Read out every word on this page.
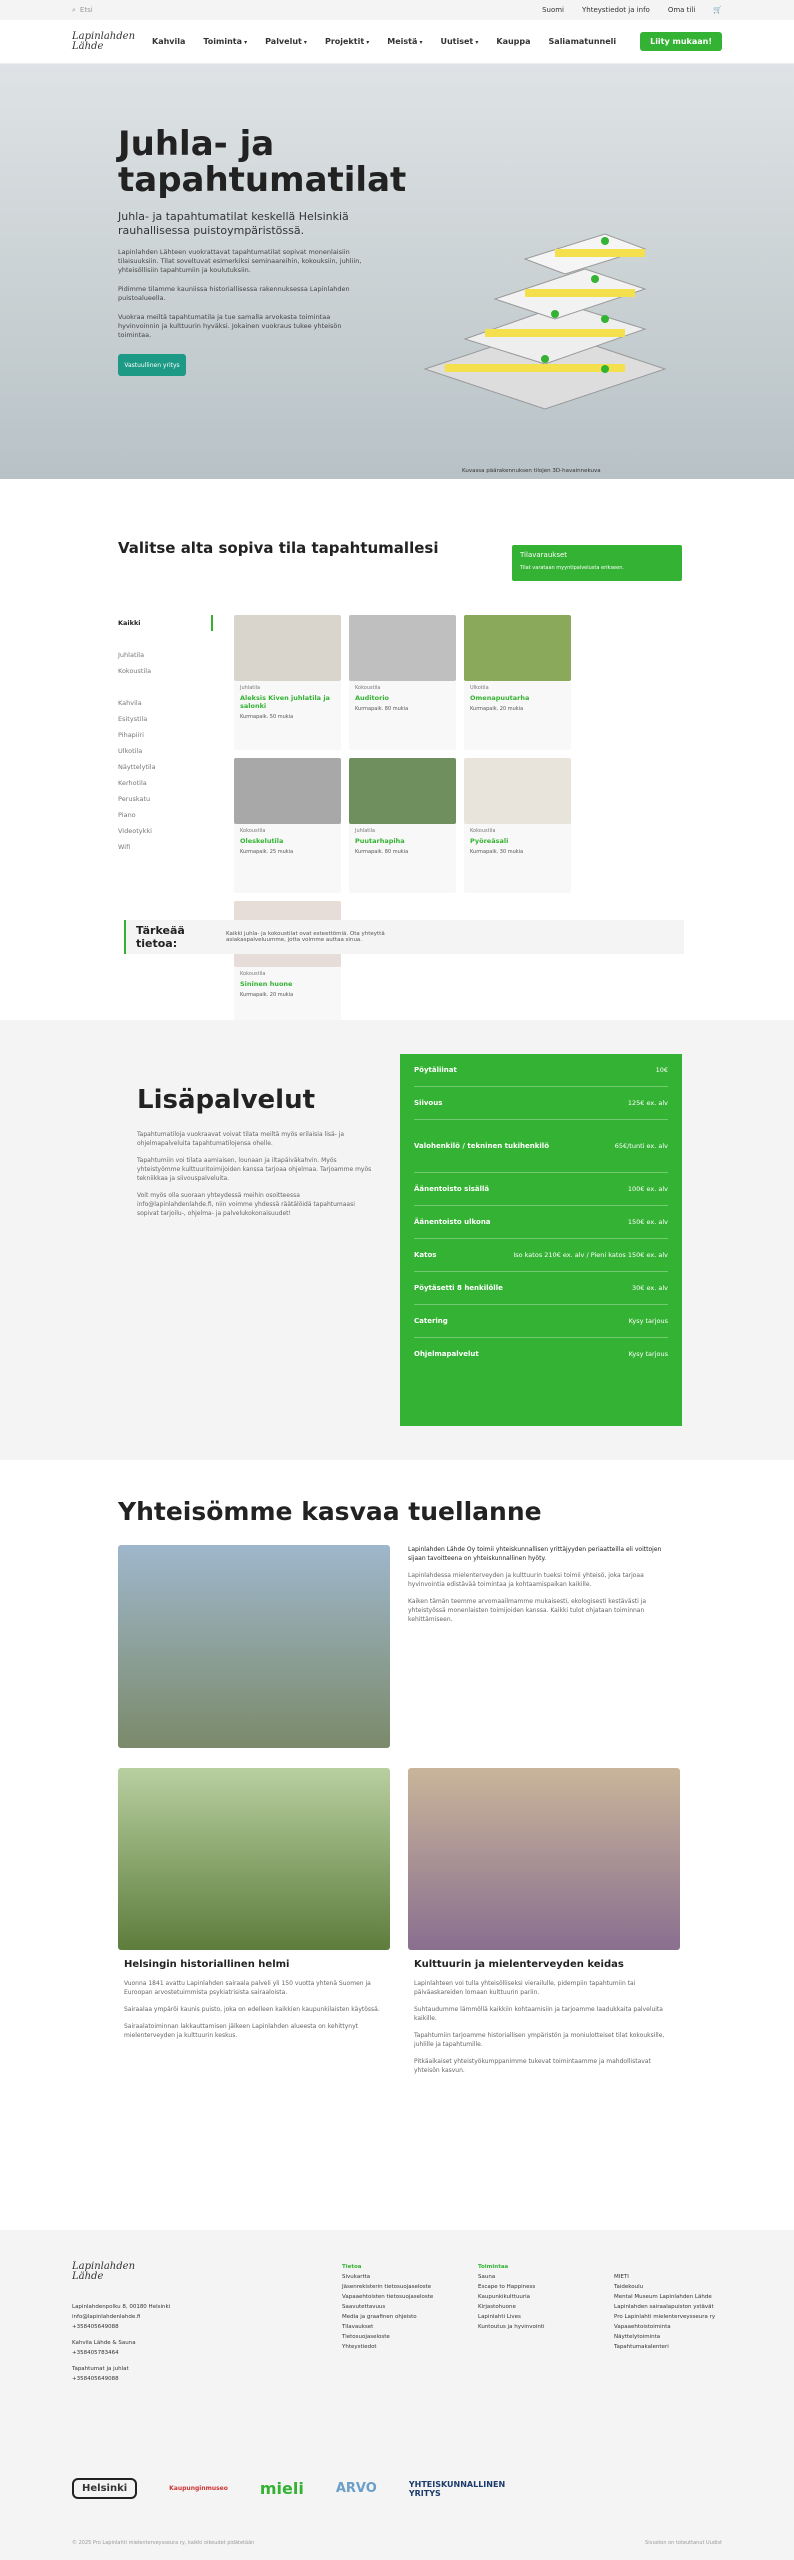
⌕ Etsi	Suomi	Yhteystiedot ja info	Oma tili	🛒
Lapinlahden Lähde	Kahvila Toiminta ▾	Palvelut ▾	Projektit ▾	Meistä ▾	Uutiset ▾	Kauppa Saliamatunneli	Liity mukaan!
Juhla- ja tapahtumatilat
Juhla- ja tapahtumatilat keskellä Helsinkiä rauhallisessa puistoympäristössä.

Lapinlahden Lähteen vuokrattavat tapahtumatilat sopivat monenlaisiin tilaisuuksiin. Tilat soveltuvat esimerkiksi seminaareihin, kokouksiin, juhliin, yhteisöllisiin tapahtumiin ja koulutuksiin.

Pidimme tilamme kauniissa historiallisessa rakennuksessa Lapinlahden puistoalueella.

Vuokraa meiltä tapahtumatila ja tue samalla arvokasta toimintaa hyvinvoinnin ja kulttuurin hyväksi. Jokainen vuokraus tukee yhteisön toimintaa.

Vastuullinen yritys
Kuvassa päärakennuksen tilojen 3D-havainnekuva
Valitse alta sopiva tila tapahtumallesi	Tilavaraukset
Tilat varataan myyntipalvelusta erikseen.
Kaikki
Juhlatila
Kokoustila
Kahvila
Esitystila
Pihapiiri
Ulkotila
Näyttelytila
Kerhotila
Peruskatu
Piano
Videotykki
Wifi
Juhlatila
Aleksis Kiven juhlatila ja salonki
Kurmapaik. 50 mukia
Kokoustila
Auditorio
Kurmapaik. 80 mukia
Ulkotila
Omenapuutarha
Kurmapaik. 20 mukia
Kokoustila
Oleskelutila
Kurmapaik. 25 mukia
Juhlatila
Puutarhapiha
Kurmapaik. 80 mukia
Kokoustila
Pyöreäsali
Kurmapaik. 30 mukia
Kokoustila
Sininen huone
Kurmapaik. 20 mukia
Tärkeää tietoa:
Kaikki juhla- ja kokoustilat ovat esteettömiä. Ota yhteyttä asiakaspalveluumme, jotta voimme auttaa sinua.
Lisäpalvelut

Tapahtumatiloja vuokraavat voivat tilata meiltä myös erilaisia lisä- ja ohjelmapalveluita tapahtumatilojensa ohelle.

Tapahtumiin voi tilata aamiaisen, lounaan ja iltapäiväkahvin. Myös yhteistyömme kulttuuritoimijoiden kanssa tarjoaa ohjelmaa. Tarjoamme myös tekniikkaa ja siivouspalveluita.

Voit myös olla suoraan yhteydessä meihin osoitteessa info@lapinlahdenlahde.fi, niin voimme yhdessä räätälöidä tapahtumaasi sopivat tarjoilu-, ohjelma- ja palvelukokonaisuudet!

Pöytäliinat	10€
Siivous	125€ ex. alv
Valohenkilö / tekninen tukihenkilö	65€/tunti ex. alv
Äänentoisto sisällä	100€ ex. alv
Äänentoisto ulkona	150€ ex. alv
Katos	Iso katos 210€ ex. alv / Pieni katos 150€ ex. alv
Pöytäsetti 8 henkilölle	30€ ex. alv
Catering	Kysy tarjous
Ohjelmapalvelut	Kysy tarjous
Yhteisömme kasvaa tuellanne

Lapinlahden Lähde Oy toimii yhteiskunnallisen yrittäjyyden periaatteilla eli voittojen sijaan tavoitteena on yhteiskunnallinen hyöty.

Lapinlahdessa mielenterveyden ja kulttuurin tueksi toimii yhteisö, joka tarjoaa hyvinvointia edistävää toimintaa ja kohtaamispaikan kaikille.

Kaiken tämän teemme arvomaailmamme mukaisesti, ekologisesti kestävästi ja yhteistyössä monenlaisten toimijoiden kanssa. Kaikki tulot ohjataan toiminnan kehittämiseen.

Helsingin historiallinen helmi

Vuonna 1841 avattu Lapinlahden sairaala palveli yli 150 vuotta yhtenä Suomen ja Euroopan arvostetuimmista psykiatrisista sairaaloista.

Sairaalaa ympäröi kaunis puisto, joka on edelleen kaikkien kaupunkilaisten käytössä.

Sairaalatoiminnan lakkauttamisen jälkeen Lapinlahden alueesta on kehittynyt mielenterveyden ja kulttuurin keskus.

Kulttuurin ja mielenterveyden keidas

Lapinlahteen voi tulla yhteisölliseksi vierailulle, pidempiin tapahtumiin tai päiväaskareiden lomaan kulttuurin pariin.

Suhtaudumme lämmöllä kaikkiin kohtaamisiin ja tarjoamme laadukkaita palveluita kaikille.

Tapahtumiin tarjoamme historiallisen ympäristön ja moniulotteiset tilat kokouksille, juhlille ja tapahtumille.

Pitkäaikaiset yhteistyökumppanimme tukevat toimintaamme ja mahdollistavat yhteisön kasvun.

Lapinlahden Lähde
Lapinlahdenpolku 8, 00180 Helsinki
info@lapinlahdenlahde.fi
+358405649088
Kahvila Lähde & Sauna
+358405783464
Tapahtumat ja juhlat
+358405649088
Tietoa
Sivukartta
Jäsenrekisterin tietosuojaseloste
Vapaaehtoisten tietosuojaseloste
Saavutettavuus
Media ja graafinen ohjeisto
Tilavaukset
Tietosuojaseloste
Yhteystiedot
Toimintaa
Sauna
Escape to Happiness
Kaupunkikulttuuria
Kirjastohuone
Lapinlahti Lives
Kuntoutus ja hyvinvointi
MIETI
Taidekoulu
Mental Museum Lapinlahden Lähde
Lapinlahden sairaalapuiston ystävät
Pro Lapinlahti mielenterveysseura ry
Vapaaehtoistoiminta
Näyttelytoiminta
Tapahtumakalenteri
Helsinki	Kaupunginmuseo mieli ARVO	YHTEISKUNNALLINEN YRITYS
© 2025 Pro Lapinlahti mielenterveysseura ry, kaikki oikeudet pidätetään	Sivuston on toteuttanut Uudist
